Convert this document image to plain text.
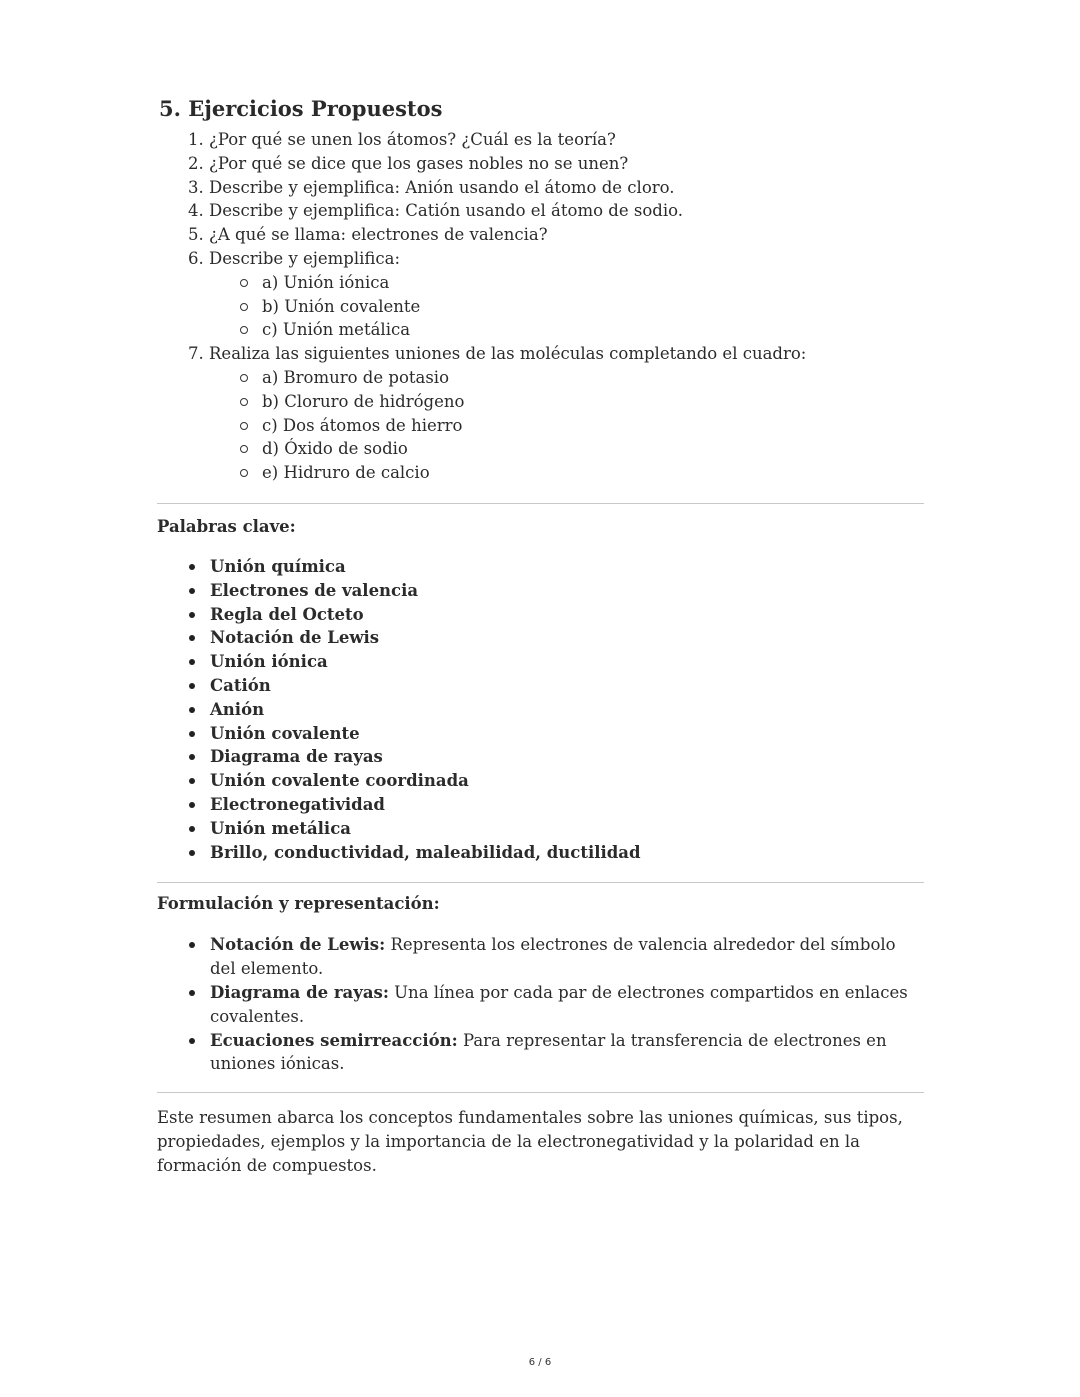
5. Ejercicios Propuestos
1. ¿Por qué se unen los átomos? ¿Cuál es la teoría?
2. ¿Por qué se dice que los gases nobles no se unen?
3. Describe y ejemplifica: Anión usando el átomo de cloro.
4. Describe y ejemplifica: Catión usando el átomo de sodio.
5. ¿A qué se llama: electrones de valencia?
6. Describe y ejemplifica:
a) Unión iónica
b) Unión covalente
c) Unión metálica
7. Realiza las siguientes uniones de las moléculas completando el cuadro:
a) Bromuro de potasio
b) Cloruro de hidrógeno
c) Dos átomos de hierro
d) Óxido de sodio
e) Hidruro de calcio

Palabras clave:

Unión química
Electrones de valencia
Regla del Octeto
Notación de Lewis
Unión iónica
Catión
Anión
Unión covalente
Diagrama de rayas
Unión covalente coordinada
Electronegatividad
Unión metálica
Brillo, conductividad, maleabilidad, ductilidad

Formulación y representación:

Notación de Lewis: Representa los electrones de valencia alrededor del símbolo del elemento.
Diagrama de rayas: Una línea por cada par de electrones compartidos en enlaces covalentes.
Ecuaciones semirreacción: Para representar la transferencia de electrones en uniones iónicas.

Este resumen abarca los conceptos fundamentales sobre las uniones químicas, sus tipos, propiedades, ejemplos y la importancia de la electronegatividad y la polaridad en la formación de compuestos.

6 / 6
